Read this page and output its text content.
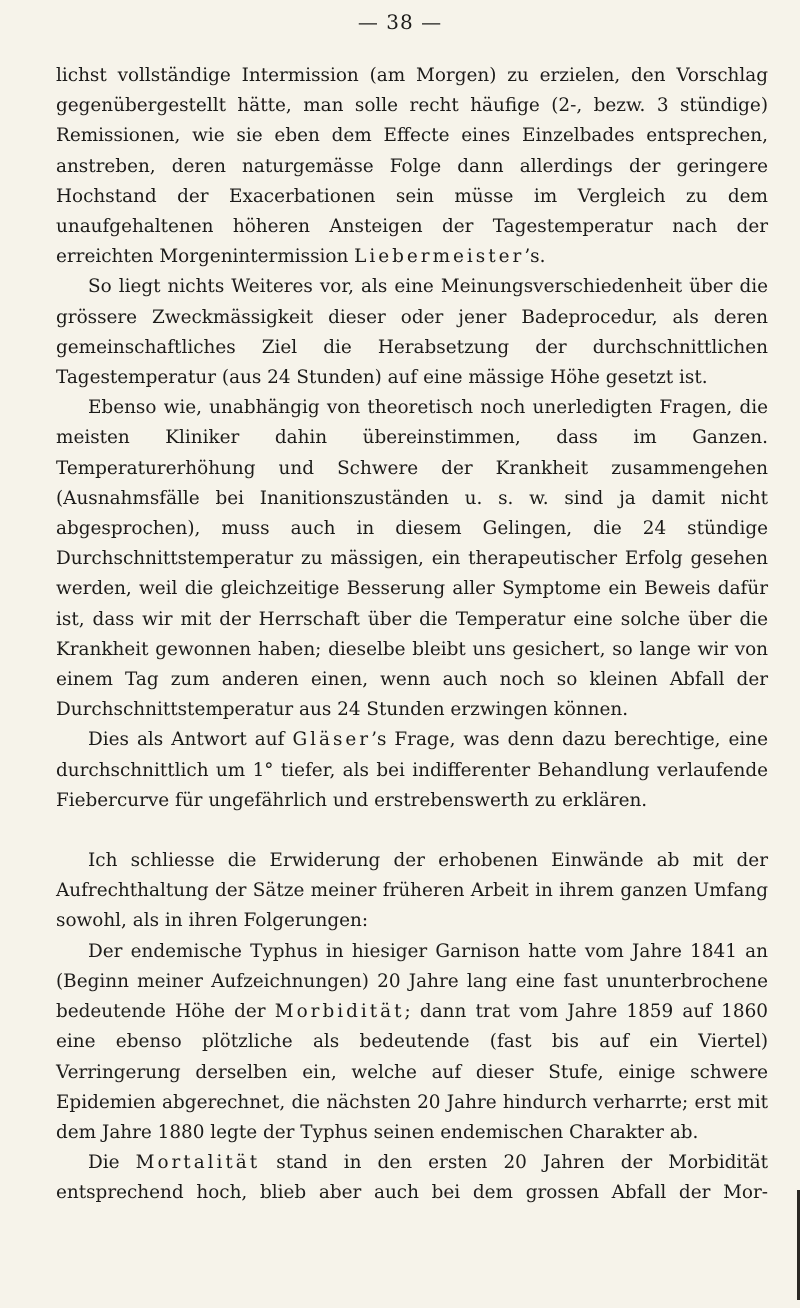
— 38 —

lichst vollständige Intermission (am Morgen) zu erzielen, den Vorschlag gegenübergestellt hätte, man solle recht häufige (2-, bezw. 3 stündige) Remissionen, wie sie eben dem Effecte eines Einzelbades entsprechen, anstreben, deren naturgemässe Folge dann allerdings der geringere Hochstand der Exacerbationen sein müsse im Vergleich zu dem unaufgehaltenen höheren Ansteigen der Tagestemperatur nach der erreichten Morgenintermission Liebermeister’s.

So liegt nichts Weiteres vor, als eine Meinungsverschiedenheit über die grössere Zweckmässigkeit dieser oder jener Badeprocedur, als deren gemeinschaftliches Ziel die Herabsetzung der durchschnittlichen Tagestemperatur (aus 24 Stunden) auf eine mässige Höhe gesetzt ist.

Ebenso wie, unabhängig von theoretisch noch unerledigten Fragen, die meisten Kliniker dahin übereinstimmen, dass im Ganzen. Temperaturerhöhung und Schwere der Krankheit zusammengehen (Ausnahmsfälle bei Inanitionszuständen u. s. w. sind ja damit nicht abgesprochen), muss auch in diesem Gelingen, die 24 stündige Durchschnittstemperatur zu mässigen, ein therapeutischer Erfolg gesehen werden, weil die gleichzeitige Besserung aller Symptome ein Beweis dafür ist, dass wir mit der Herrschaft über die Temperatur eine solche über die Krankheit gewonnen haben; dieselbe bleibt uns gesichert, so lange wir von einem Tag zum anderen einen, wenn auch noch so kleinen Abfall der Durchschnittstemperatur aus 24 Stunden erzwingen können.

Dies als Antwort auf Gläser’s Frage, was denn dazu berechtige, eine durchschnittlich um 1° tiefer, als bei indifferenter Behandlung verlaufende Fiebercurve für ungefährlich und erstrebenswerth zu erklären.

Ich schliesse die Erwiderung der erhobenen Einwände ab mit der Aufrechthaltung der Sätze meiner früheren Arbeit in ihrem ganzen Umfang sowohl, als in ihren Folgerungen:

Der endemische Typhus in hiesiger Garnison hatte vom Jahre 1841 an (Beginn meiner Aufzeichnungen) 20 Jahre lang eine fast ununterbrochene bedeutende Höhe der Morbidität; dann trat vom Jahre 1859 auf 1860 eine ebenso plötzliche als bedeutende (fast bis auf ein Viertel) Verringerung derselben ein, welche auf dieser Stufe, einige schwere Epidemien abgerechnet, die nächsten 20 Jahre hindurch verharrte; erst mit dem Jahre 1880 legte der Typhus seinen endemischen Charakter ab.

Die Mortalität stand in den ersten 20 Jahren der Morbidität entsprechend hoch, blieb aber auch bei dem grossen Abfall der Mor-
